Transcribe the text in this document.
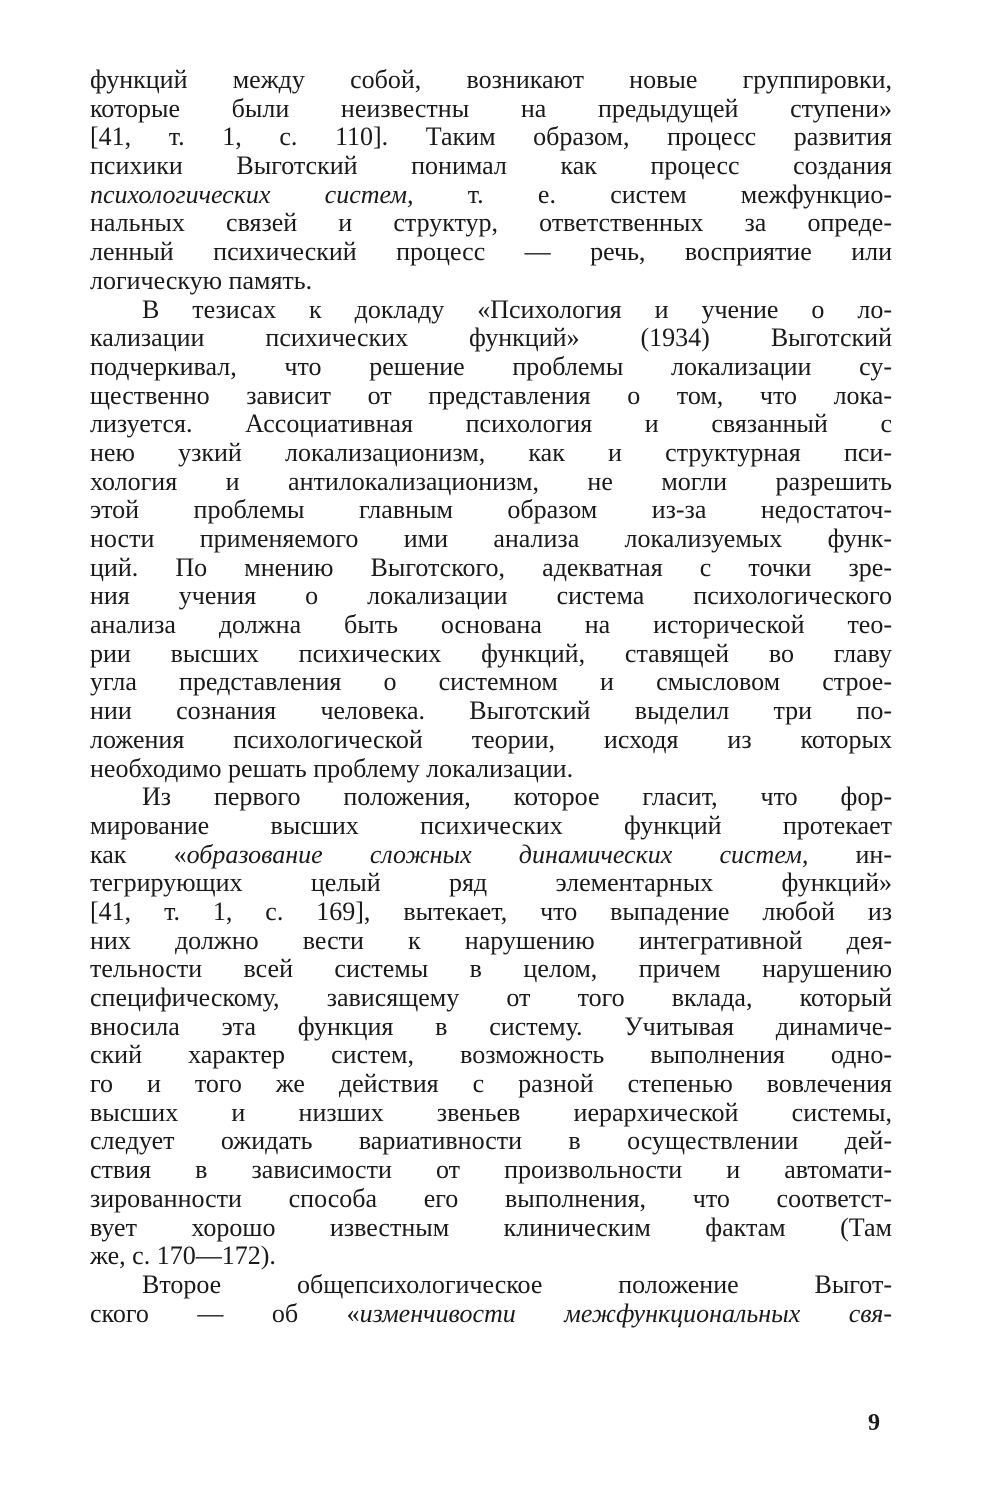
функций между собой, возникают новые группировки,
которые были неизвестны на предыдущей ступени»
[41, т. 1, с. 110]. Таким образом, процесс развития
психики Выготский понимал как процесс создания
психологических систем, т. е. систем межфункцио-
нальных связей и структур, ответственных за опреде-
ленный психический процесс — речь, восприятие или
логическую память.
В тезисах к докладу «Психология и учение о ло-
кализации психических функций» (1934) Выготский
подчеркивал, что решение проблемы локализации су-
щественно зависит от представления о том, что лока-
лизуется. Ассоциативная психология и связанный с
нею узкий локализационизм, как и структурная пси-
хология и антилокализационизм, не могли разрешить
этой проблемы главным образом из-за недостаточ-
ности применяемого ими анализа локализуемых функ-
ций. По мнению Выготского, адекватная с точки зре-
ния учения о локализации система психологического
анализа должна быть основана на исторической тео-
рии высших психических функций, ставящей во главу
угла представления о системном и смысловом строе-
нии сознания человека. Выготский выделил три по-
ложения психологической теории, исходя из которых
необходимо решать проблему локализации.
Из первого положения, которое гласит, что фор-
мирование высших психических функций протекает
как «образование сложных динамических систем, ин-
тегрирующих целый ряд элементарных функций»
[41, т. 1, с. 169], вытекает, что выпадение любой из
них должно вести к нарушению интегративной дея-
тельности всей системы в целом, причем нарушению
специфическому, зависящему от того вклада, который
вносила эта функция в систему. Учитывая динамиче-
ский характер систем, возможность выполнения одно-
го и того же действия с разной степенью вовлечения
высших и низших звеньев иерархической системы,
следует ожидать вариативности в осуществлении дей-
ствия в зависимости от произвольности и автомати-
зированности способа его выполнения, что соответст-
вует хорошо известным клиническим фактам (Там
же, с. 170—172).
Второе общепсихологическое положение Выгот-
ского — об «изменчивости межфункциональных свя-
9
